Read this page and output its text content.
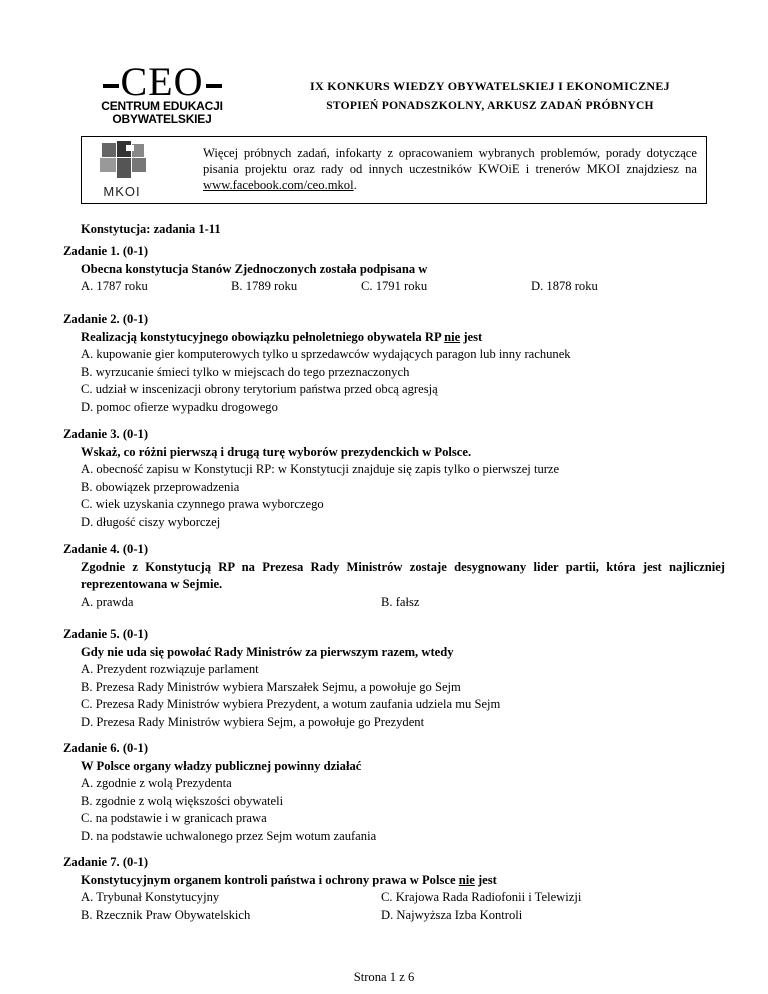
CEO
CENTRUM EDUKACJI
OBYWATELSKIEJ
IX KONKURS WIEDZY OBYWATELSKIEJ I EKONOMICZNEJ
STOPIEŃ PONADSZKOLNY, ARKUSZ ZADAŃ PRÓBNYCH
MKOI
Więcej próbnych zadań, infokarty z opracowaniem wybranych problemów, porady dotyczące pisania projektu oraz rady od innych uczestników KWOiE i trenerów MKOI znajdziesz na www.facebook.com/ceo.mkol.
Konstytucja: zadania 1-11
Zadanie 1. (0-1)
Obecna konstytucja Stanów Zjednoczonych została podpisana w
A. 1787 roku	B. 1789 roku	C. 1791 roku	D. 1878 roku
Zadanie 2. (0-1)
Realizacją konstytucyjnego obowiązku pełnoletniego obywatela RP nie jest
A. kupowanie gier komputerowych tylko u sprzedawców wydających paragon lub inny rachunek
B. wyrzucanie śmieci tylko w miejscach do tego przeznaczonych
C. udział w inscenizacji obrony terytorium państwa przed obcą agresją
D. pomoc ofierze wypadku drogowego
Zadanie 3. (0-1)
Wskaż, co różni pierwszą i drugą turę wyborów prezydenckich w Polsce.
A. obecność zapisu w Konstytucji RP: w Konstytucji znajduje się zapis tylko o pierwszej turze
B. obowiązek przeprowadzenia
C. wiek uzyskania czynnego prawa wyborczego
D. długość ciszy wyborczej
Zadanie 4. (0-1)
Zgodnie z Konstytucją RP na Prezesa Rady Ministrów zostaje desygnowany lider partii, która jest najliczniej reprezentowana w Sejmie.
A. prawda	B. fałsz
Zadanie 5. (0-1)
Gdy nie uda się powołać Rady Ministrów za pierwszym razem, wtedy
A. Prezydent rozwiązuje parlament
B. Prezesa Rady Ministrów wybiera Marszałek Sejmu, a powołuje go Sejm
C. Prezesa Rady Ministrów wybiera Prezydent, a wotum zaufania udziela mu Sejm
D. Prezesa Rady Ministrów wybiera Sejm, a powołuje go Prezydent
Zadanie 6. (0-1)
W Polsce organy władzy publicznej powinny działać
A. zgodnie z wolą Prezydenta
B. zgodnie z wolą większości obywateli
C. na podstawie i w granicach prawa
D. na podstawie uchwalonego przez Sejm wotum zaufania
Zadanie 7. (0-1)
Konstytucyjnym organem kontroli państwa i ochrony prawa w Polsce nie jest
A. Trybunał Konstytucyjny	C. Krajowa Rada Radiofonii i Telewizji
B. Rzecznik Praw Obywatelskich	D. Najwyższa Izba Kontroli
Strona 1 z 6
